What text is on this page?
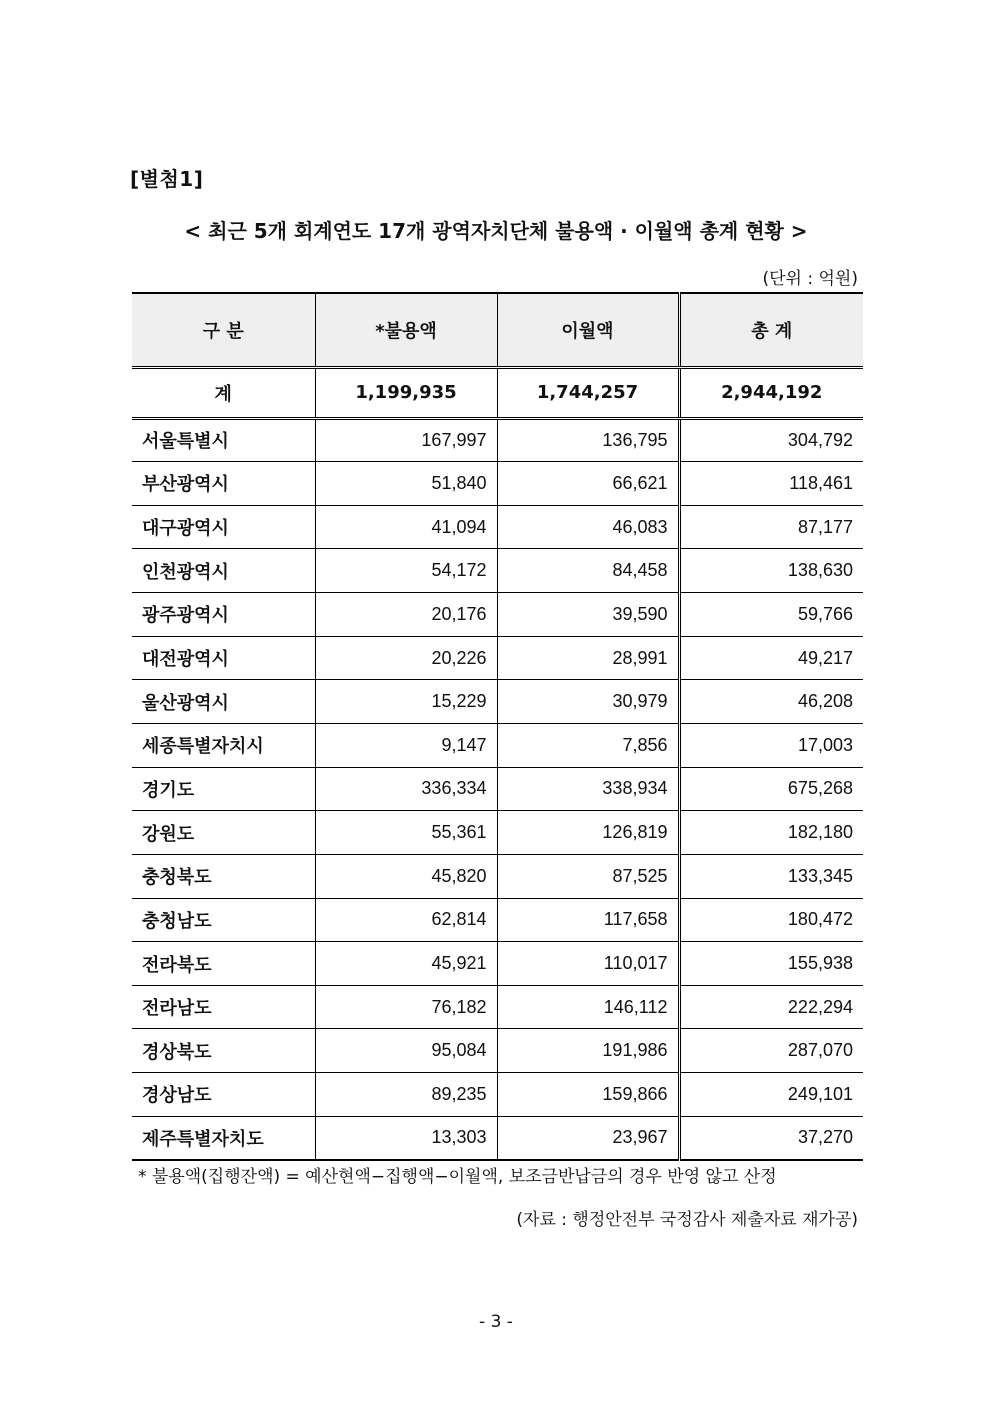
[별첨1]
< 최근 5개 회계연도 17개 광역자치단체 불용액 · 이월액 총계 현황 >
(단위 : 억원)
구 분	*불용액	이월액	총 계
계	1,199,935	1,744,257	2,944,192
서울특별시	167,997	136,795	304,792
부산광역시	51,840	66,621	118,461
대구광역시	41,094	46,083	87,177
인천광역시	54,172	84,458	138,630
광주광역시	20,176	39,590	59,766
대전광역시	20,226	28,991	49,217
울산광역시	15,229	30,979	46,208
세종특별자치시	9,147	7,856	17,003
경기도	336,334	338,934	675,268
강원도	55,361	126,819	182,180
충청북도	45,820	87,525	133,345
충청남도	62,814	117,658	180,472
전라북도	45,921	110,017	155,938
전라남도	76,182	146,112	222,294
경상북도	95,084	191,986	287,070
경상남도	89,235	159,866	249,101
제주특별자치도	13,303	23,967	37,270
* 불용액(집행잔액) = 예산현액−집행액−이월액, 보조금반납금의 경우 반영 않고 산정
(자료 : 행정안전부 국정감사 제출자료 재가공)
- 3 -
